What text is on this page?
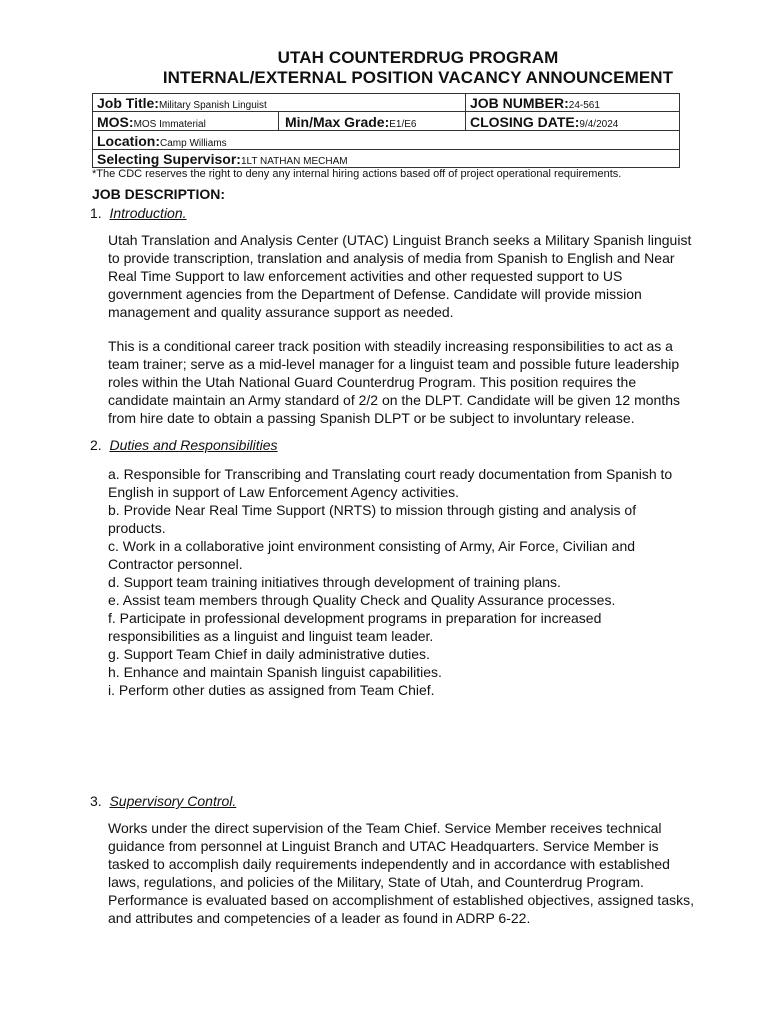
UTAH COUNTERDRUG PROGRAM
INTERNAL/EXTERNAL POSITION VACANCY ANNOUNCEMENT
Job Title:Military Spanish Linguist	JOB NUMBER:24-561
MOS:MOS Immaterial	Min/Max Grade:E1/E6	CLOSING DATE:9/4/2024
Location:Camp Williams
Selecting Supervisor:1LT NATHAN MECHAM
*The CDC reserves the right to deny any internal hiring actions based off of project operational requirements.
JOB DESCRIPTION:
1. Introduction.
Utah Translation and Analysis Center (UTAC) Linguist Branch seeks a Military Spanish linguist
to provide transcription, translation and analysis of media from Spanish to English and Near
Real Time Support to law enforcement activities and other requested support to US
government agencies from the Department of Defense. Candidate will provide mission
management and quality assurance support as needed.
This is a conditional career track position with steadily increasing responsibilities to act as a
team trainer; serve as a mid-level manager for a linguist team and possible future leadership
roles within the Utah National Guard Counterdrug Program. This position requires the
candidate maintain an Army standard of 2/2 on the DLPT. Candidate will be given 12 months
from hire date to obtain a passing Spanish DLPT or be subject to involuntary release.
2. Duties and Responsibilities
a. Responsible for Transcribing and Translating court ready documentation from Spanish to
English in support of Law Enforcement Agency activities.
b. Provide Near Real Time Support (NRTS) to mission through gisting and analysis of
products.
c. Work in a collaborative joint environment consisting of Army, Air Force, Civilian and
Contractor personnel.
d. Support team training initiatives through development of training plans.
e. Assist team members through Quality Check and Quality Assurance processes.
f. Participate in professional development programs in preparation for increased
responsibilities as a linguist and linguist team leader.
g. Support Team Chief in daily administrative duties.
h. Enhance and maintain Spanish linguist capabilities.
i. Perform other duties as assigned from Team Chief.
3. Supervisory Control.
Works under the direct supervision of the Team Chief. Service Member receives technical
guidance from personnel at Linguist Branch and UTAC Headquarters. Service Member is
tasked to accomplish daily requirements independently and in accordance with established
laws, regulations, and policies of the Military, State of Utah, and Counterdrug Program.
Performance is evaluated based on accomplishment of established objectives, assigned tasks,
and attributes and competencies of a leader as found in ADRP 6-22.
